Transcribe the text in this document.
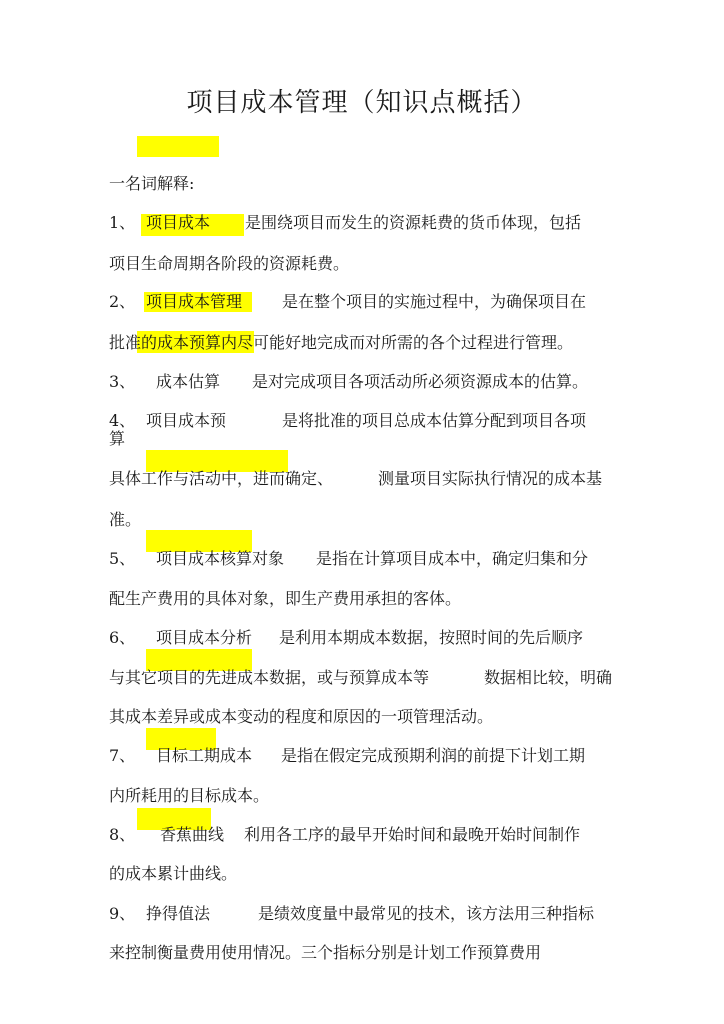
项目成本管理（知识点概括）
一名词解释:
1、 项目成本 是围绕项目而发生的资源耗费的货币体现，包括
项目生命周期各阶段的资源耗费。
2、 项目成本管理 是在整个项目的实施过程中，为确保项目在
批准的成本预算内尽可能好地完成而对所需的各个过程进行管理。
3、 成本估算 是对完成项目各项活动所必须资源成本的估算。
4、 项目成本预	是将批准的项目总成本估算分配到项目各项
算
具体工作与活动中，进而确定、	测量项目实际执行情况的成本基
准。
5、 项目成本核算对象 是指在计算项目成本中，确定归集和分
配生产费用的具体对象，即生产费用承担的客体。
6、 项目成本分析 是利用本期成本数据，按照时间的先后顺序
与其它项目的先进成本数据，或与预算成本等	数据相比较，明确
其成本差异或成本变动的程度和原因的一项管理活动。
7、 目标工期成本 是指在假定完成预期利润的前提下计划工期
内所耗用的目标成本。
8、 香蕉曲线 利用各工序的最早开始时间和最晚开始时间制作
的成本累计曲线。
9、 挣得值法	是绩效度量中最常见的技术，该方法用三种指标
来控制衡量费用使用情况。三个指标分别是计划工作预算费用
